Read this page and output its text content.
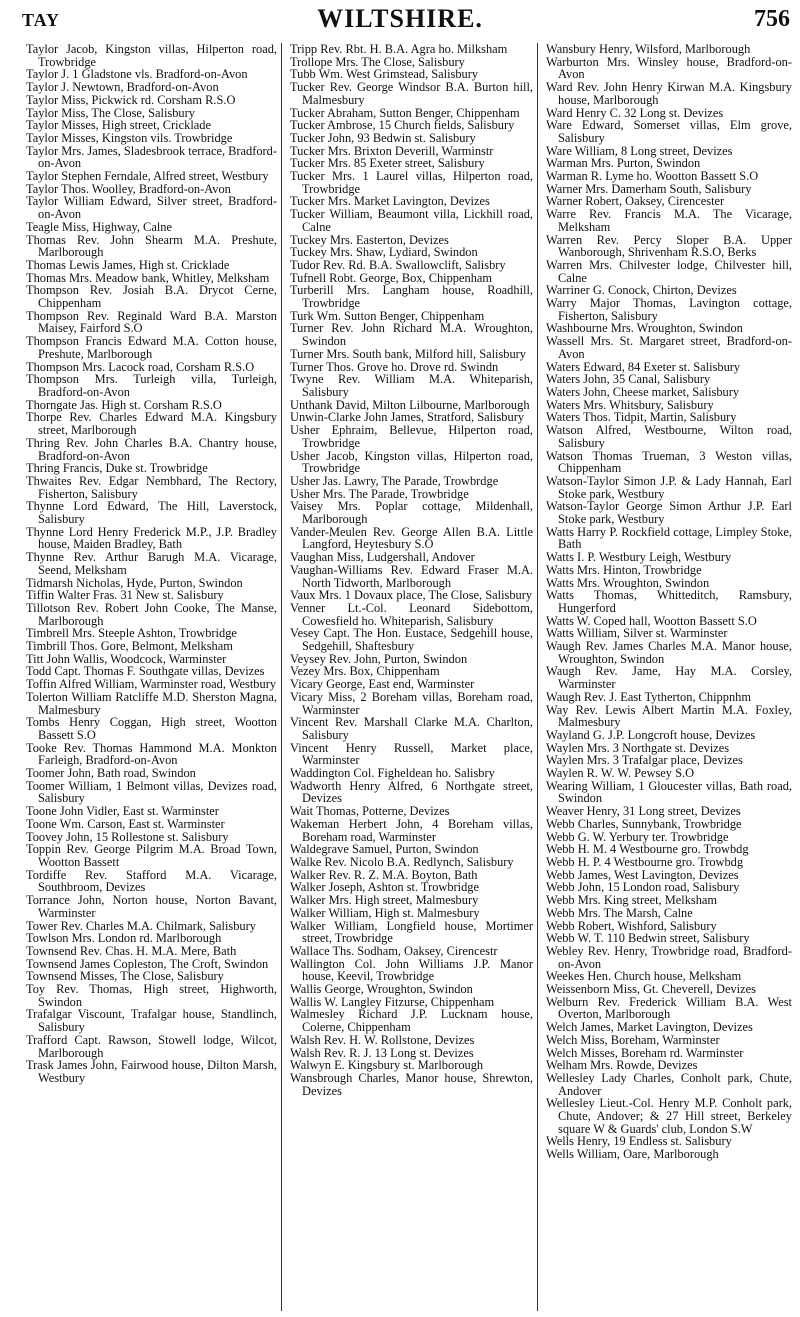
TAY	WILTSHIRE.	756
Taylor Jacob, Kingston villas, Hilperton road, Trowbridge
Taylor J. 1 Gladstone vls. Bradford-on-Avon
Taylor J. Newtown, Bradford-on-Avon
Taylor Miss, Pickwick rd. Corsham R.S.O
Taylor Miss, The Close, Salisbury
Taylor Misses, High street, Cricklade
Taylor Misses, Kingston vils. Trowbridge
Taylor Mrs. James, Sladesbrook terrace, Bradford-on-Avon
Taylor Stephen Ferndale, Alfred street, Westbury
Taylor Thos. Woolley, Bradford-on-Avon
Taylor William Edward, Silver street, Bradford-on-Avon
Teagle Miss, Highway, Calne
Thomas Rev. John Shearm M.A. Preshute, Marlborough
Thomas Lewis James, High st. Cricklade
Thomas Mrs. Meadow bank, Whitley, Melksham
Thompson Rev. Josiah B.A. Drycot Cerne, Chippenham
Thompson Rev. Reginald Ward B.A. Marston Maisey, Fairford S.O
Thompson Francis Edward M.A. Cotton house, Preshute, Marlborough
Thompson Mrs. Lacock road, Corsham R.S.O
Thompson Mrs. Turleigh villa, Turleigh, Bradford-on-Avon
Thorngate Jas. High st. Corsham R.S.O
Thorpe Rev. Charles Edward M.A. Kingsbury street, Marlborough
Thring Rev. John Charles B.A. Chantry house, Bradford-on-Avon
Thring Francis, Duke st. Trowbridge
Thwaites Rev. Edgar Nembhard, The Rectory, Fisherton, Salisbury
Thynne Lord Edward, The Hill, Laverstock, Salisbury
Thynne Lord Henry Frederick M.P., J.P. Bradley house, Maiden Bradley, Bath
Thynne Rev. Arthur Barugh M.A. Vicarage, Seend, Melksham
Tidmarsh Nicholas, Hyde, Purton, Swindon
Tiffin Walter Fras. 31 New st. Salisbury
Tillotson Rev. Robert John Cooke, The Manse, Marlborough
Timbrell Mrs. Steeple Ashton, Trowbridge
Timbrill Thos. Gore, Belmont, Melksham
Titt John Wallis, Woodcock, Warminster
Todd Capt. Thomas F. Southgate villas, Devizes
Toffin Alfred William, Warminster road, Westbury
Tolerton William Ratcliffe M.D. Sherston Magna, Malmesbury
Tombs Henry Coggan, High street, Wootton Bassett S.O
Tooke Rev. Thomas Hammond M.A. Monkton Farleigh, Bradford-on-Avon
Toomer John, Bath road, Swindon
Toomer William, 1 Belmont villas, Devizes road, Salisbury
Toone John Vidler, East st. Warminster
Toone Wm. Carson, East st. Warminster
Toovey John, 15 Rollestone st. Salisbury
Toppin Rev. George Pilgrim M.A. Broad Town, Wootton Bassett
Tordiffe Rev. Stafford M.A. Vicarage, Southbroom, Devizes
Torrance John, Norton house, Norton Bavant, Warminster
Tower Rev. Charles M.A. Chilmark, Salisbury
Towlson Mrs. London rd. Marlborough
Townsend Rev. Chas. H. M.A. Mere, Bath
Townsend James Copleston, The Croft, Swindon
Townsend Misses, The Close, Salisbury
Toy Rev. Thomas, High street, Highworth, Swindon
Trafalgar Viscount, Trafalgar house, Standlinch, Salisbury
Trafford Capt. Rawson, Stowell lodge, Wilcot, Marlborough
Trask James John, Fairwood house, Dilton Marsh, Westbury
Tripp Rev. Rbt. H. B.A. Agra ho. Milksham
Trollope Mrs. The Close, Salisbury
Tubb Wm. West Grimstead, Salisbury
Tucker Rev. George Windsor B.A. Burton hill, Malmesbury
Tucker Abraham, Sutton Benger, Chippenham
Tucker Ambrose, 15 Church fields, Salisbury
Tucker John, 93 Bedwin st. Salisbury
Tucker Mrs. Brixton Deverill, Warminstr
Tucker Mrs. 85 Exeter street, Salisbury
Tucker Mrs. 1 Laurel villas, Hilperton road, Trowbridge
Tucker Mrs. Market Lavington, Devizes
Tucker William, Beaumont villa, Lickhill road, Calne
Tuckey Mrs. Easterton, Devizes
Tuckey Mrs. Shaw, Lydiard, Swindon
Tudor Rev. Rd. B.A. Swallowclift, Salisbry
Tufnell Robt. George, Box, Chippenham
Turberill Mrs. Langham house, Roadhill, Trowbridge
Turk Wm. Sutton Benger, Chippenham
Turner Rev. John Richard M.A. Wroughton, Swindon
Turner Mrs. South bank, Milford hill, Salisbury
Turner Thos. Grove ho. Drove rd. Swindn
Twyne Rev. William M.A. Whiteparish, Salisbury
Unthank David, Milton Lilbourne, Marlborough
Unwin-Clarke John James, Stratford, Salisbury
Usher Ephraim, Bellevue, Hilperton road, Trowbridge
Usher Jacob, Kingston villas, Hilperton road, Trowbridge
Usher Jas. Lawry, The Parade, Trowbrdge
Usher Mrs. The Parade, Trowbridge
Vaisey Mrs. Poplar cottage, Mildenhall, Marlborough
Vander-Meulen Rev. George Allen B.A. Little Langford, Heytesbury S.O
Vaughan Miss, Ludgershall, Andover
Vaughan-Williams Rev. Edward Fraser M.A. North Tidworth, Marlborough
Vaux Mrs. 1 Dovaux place, The Close, Salisbury
Venner Lt.-Col. Leonard Sidebottom, Cowesfield ho. Whiteparish, Salisbury
Vesey Capt. The Hon. Eustace, Sedgehill house, Sedgehill, Shaftesbury
Veysey Rev. John, Purton, Swindon
Vezey Mrs. Box, Chippenham
Vicary George, East end, Warminster
Vicary Miss, 2 Boreham villas, Boreham road, Warminster
Vincent Rev. Marshall Clarke M.A. Charlton, Salisbury
Vincent Henry Russell, Market place, Warminster
Waddington Col. Figheldean ho. Salisbry
Wadworth Henry Alfred, 6 Northgate street, Devizes
Wait Thomas, Potterne, Devizes
Wakeman Herbert John, 4 Boreham villas, Boreham road, Warminster
Waldegrave Samuel, Purton, Swindon
Walke Rev. Nicolo B.A. Redlynch, Salisbury
Walker Rev. R. Z. M.A. Boyton, Bath
Walker Joseph, Ashton st. Trowbridge
Walker Mrs. High street, Malmesbury
Walker William, High st. Malmesbury
Walker William, Longfield house, Mortimer street, Trowbridge
Wallace Ths. Sodham, Oaksey, Cirencestr
Wallington Col. John Williams J.P. Manor house, Keevil, Trowbridge
Wallis George, Wroughton, Swindon
Wallis W. Langley Fitzurse, Chippenham
Walmesley Richard J.P. Lucknam house, Colerne, Chippenham
Walsh Rev. H. W. Rollstone, Devizes
Walsh Rev. R. J. 13 Long st. Devizes
Walwyn E. Kingsbury st. Marlborough
Wansbrough Charles, Manor house, Shrewton, Devizes
Wansbury Henry, Wilsford, Marlborough
Warburton Mrs. Winsley house, Bradford-on-Avon
Ward Rev. John Henry Kirwan M.A. Kingsbury house, Marlborough
Ward Henry C. 32 Long st. Devizes
Ware Edward, Somerset villas, Elm grove, Salisbury
Ware William, 8 Long street, Devizes
Warman Mrs. Purton, Swindon
Warman R. Lyme ho. Wootton Bassett S.O
Warner Mrs. Damerham South, Salisbury
Warner Robert, Oaksey, Cirencester
Warre Rev. Francis M.A. The Vicarage, Melksham
Warren Rev. Percy Sloper B.A. Upper Wanborough, Shrivenham R.S.O, Berks
Warren Mrs. Chilvester lodge, Chilvester hill, Calne
Warriner G. Conock, Chirton, Devizes
Warry Major Thomas, Lavington cottage, Fisherton, Salisbury
Washbourne Mrs. Wroughton, Swindon
Wassell Mrs. St. Margaret street, Bradford-on-Avon
Waters Edward, 84 Exeter st. Salisbury
Waters John, 35 Canal, Salisbury
Waters John, Cheese market, Salisbury
Waters Mrs. Whitsbury, Salisbury
Waters Thos. Tidpit, Martin, Salisbury
Watson Alfred, Westbourne, Wilton road, Salisbury
Watson Thomas Trueman, 3 Weston villas, Chippenham
Watson-Taylor Simon J.P. & Lady Hannah, Earl Stoke park, Westbury
Watson-Taylor George Simon Arthur J.P. Earl Stoke park, Westbury
Watts Harry P. Rockfield cottage, Limpley Stoke, Bath
Watts I. P. Westbury Leigh, Westbury
Watts Mrs. Hinton, Trowbridge
Watts Mrs. Wroughton, Swindon
Watts Thomas, Whitteditch, Ramsbury, Hungerford
Watts W. Coped hall, Wootton Bassett S.O
Watts William, Silver st. Warminster
Waugh Rev. James Charles M.A. Manor house, Wroughton, Swindon
Waugh Rev. Jame, Hay M.A. Corsley, Warminster
Waugh Rev. J. East Tytherton, Chippnhm
Way Rev. Lewis Albert Martin M.A. Foxley, Malmesbury
Wayland G. J.P. Longcroft house, Devizes
Waylen Mrs. 3 Northgate st. Devizes
Waylen Mrs. 3 Trafalgar place, Devizes
Waylen R. W. W. Pewsey S.O
Wearing William, 1 Gloucester villas, Bath road, Swindon
Weaver Henry, 31 Long street, Devizes
Webb Charles, Sunnybank, Trowbridge
Webb G. W. Yerbury ter. Trowbridge
Webb H. M. 4 Westbourne gro. Trowbdg
Webb H. P. 4 Westbourne gro. Trowbdg
Webb James, West Lavington, Devizes
Webb John, 15 London road, Salisbury
Webb Mrs. King street, Melksham
Webb Mrs. The Marsh, Calne
Webb Robert, Wishford, Salisbury
Webb W. T. 110 Bedwin street, Salisbury
Webley Rev. Henry, Trowbridge road, Bradford-on-Avon
Weekes Hen. Church house, Melksham
Weissenborn Miss, Gt. Cheverell, Devizes
Welburn Rev. Frederick William B.A. West Overton, Marlborough
Welch James, Market Lavington, Devizes
Welch Miss, Boreham, Warminster
Welch Misses, Boreham rd. Warminster
Welham Mrs. Rowde, Devizes
Wellesley Lady Charles, Conholt park, Chute, Andover
Wellesley Lieut.-Col. Henry M.P. Conholt park, Chute, Andover; & 27 Hill street, Berkeley square W & Guards' club, London S.W
Wells Henry, 19 Endless st. Salisbury
Wells William, Oare, Marlborough
